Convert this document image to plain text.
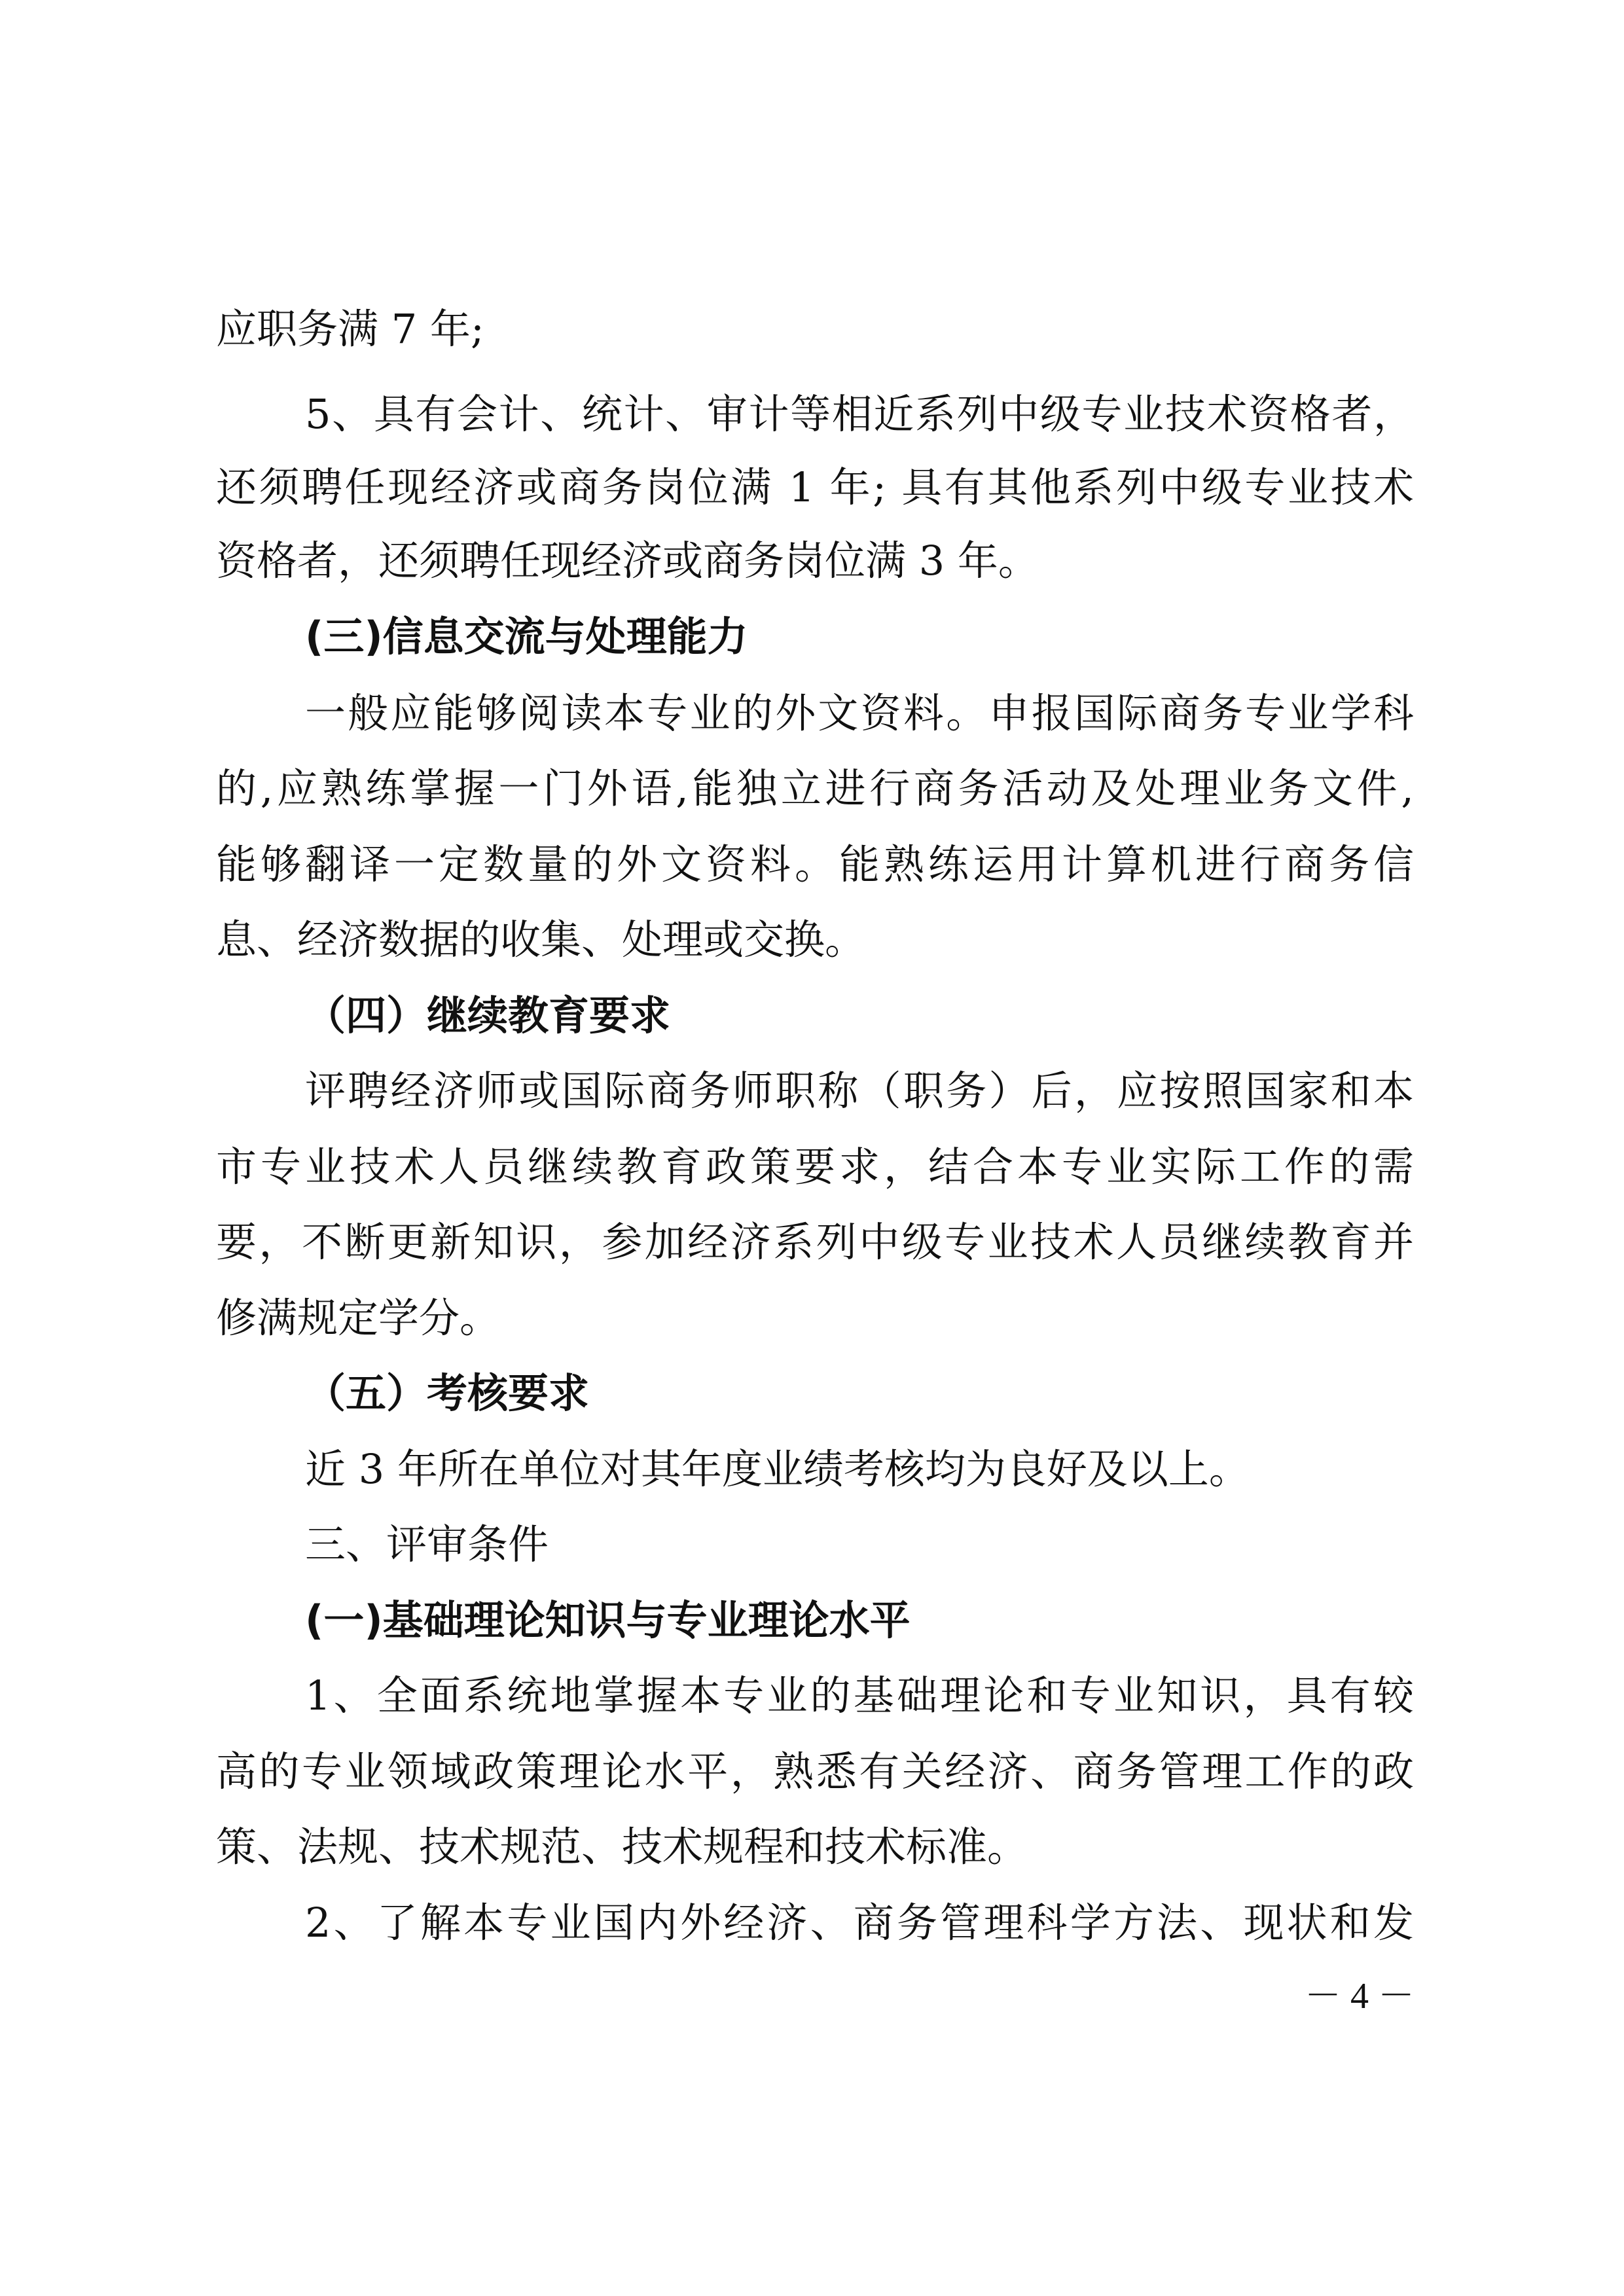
应职务满 7 年;
5、具有会计、统计、审计等相近系列中级专业技术资格者，
还须聘任现经济或商务岗位满 1 年; 具有其他系列中级专业技术
资格者，还须聘任现经济或商务岗位满 3 年。
(三)信息交流与处理能力
一般应能够阅读本专业的外文资料。申报国际商务专业学科
的,应熟练掌握一门外语,能独立进行商务活动及处理业务文件,
能够翻译一定数量的外文资料。能熟练运用计算机进行商务信
息、经济数据的收集、处理或交换。
（四）继续教育要求
评聘经济师或国际商务师职称（职务）后，应按照国家和本
市专业技术人员继续教育政策要求，结合本专业实际工作的需
要，不断更新知识，参加经济系列中级专业技术人员继续教育并
修满规定学分。
（五）考核要求
近 3 年所在单位对其年度业绩考核均为良好及以上。
三、评审条件
(一)基础理论知识与专业理论水平
1、全面系统地掌握本专业的基础理论和专业知识，具有较
高的专业领域政策理论水平，熟悉有关经济、商务管理工作的政
策、法规、技术规范、技术规程和技术标准。
2、了解本专业国内外经济、商务管理科学方法、现状和发
－ 4 －
